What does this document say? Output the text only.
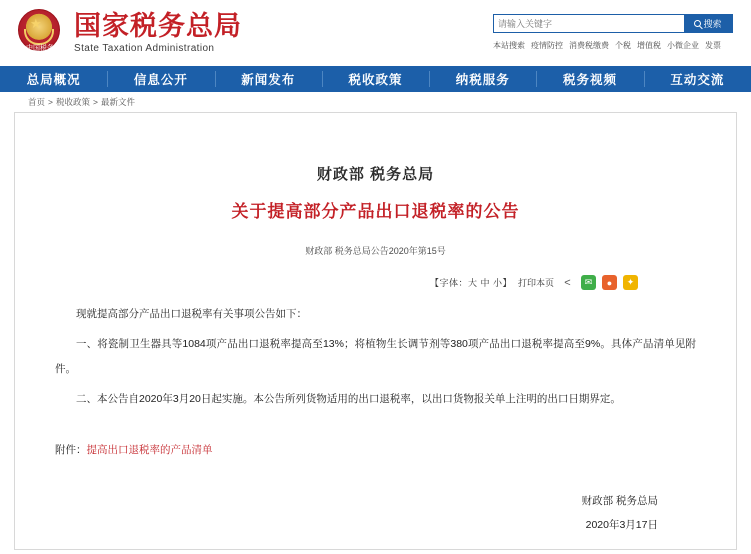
★
中国税务
国家税务总局
State Taxation Administration
请输入关键字
搜索
本站搜索 疫情防控 消费税缴费 个税 增值税 小微企业 发票
总局概况	信息公开	新闻发布	税收政策	纳税服务	税务视频	互动交流
首页 > 税收政策 > 最新文件
财政部 税务总局
关于提高部分产品出口退税率的公告
财政部 税务总局公告2020年第15号
【字体：大 中 小】 打印本页 <	✉	●	✦

现就提高部分产品出口退税率有关事项公告如下：

一、将瓷制卫生器具等1084项产品出口退税率提高至13%；将植物生长调节剂等380项产品出口退税率提高至9%。具体产品清单见附件。

二、本公告自2020年3月20日起实施。本公告所列货物适用的出口退税率，以出口货物报关单上注明的出口日期界定。

附件：提高出口退税率的产品清单
财政部 税务总局
2020年3月17日
